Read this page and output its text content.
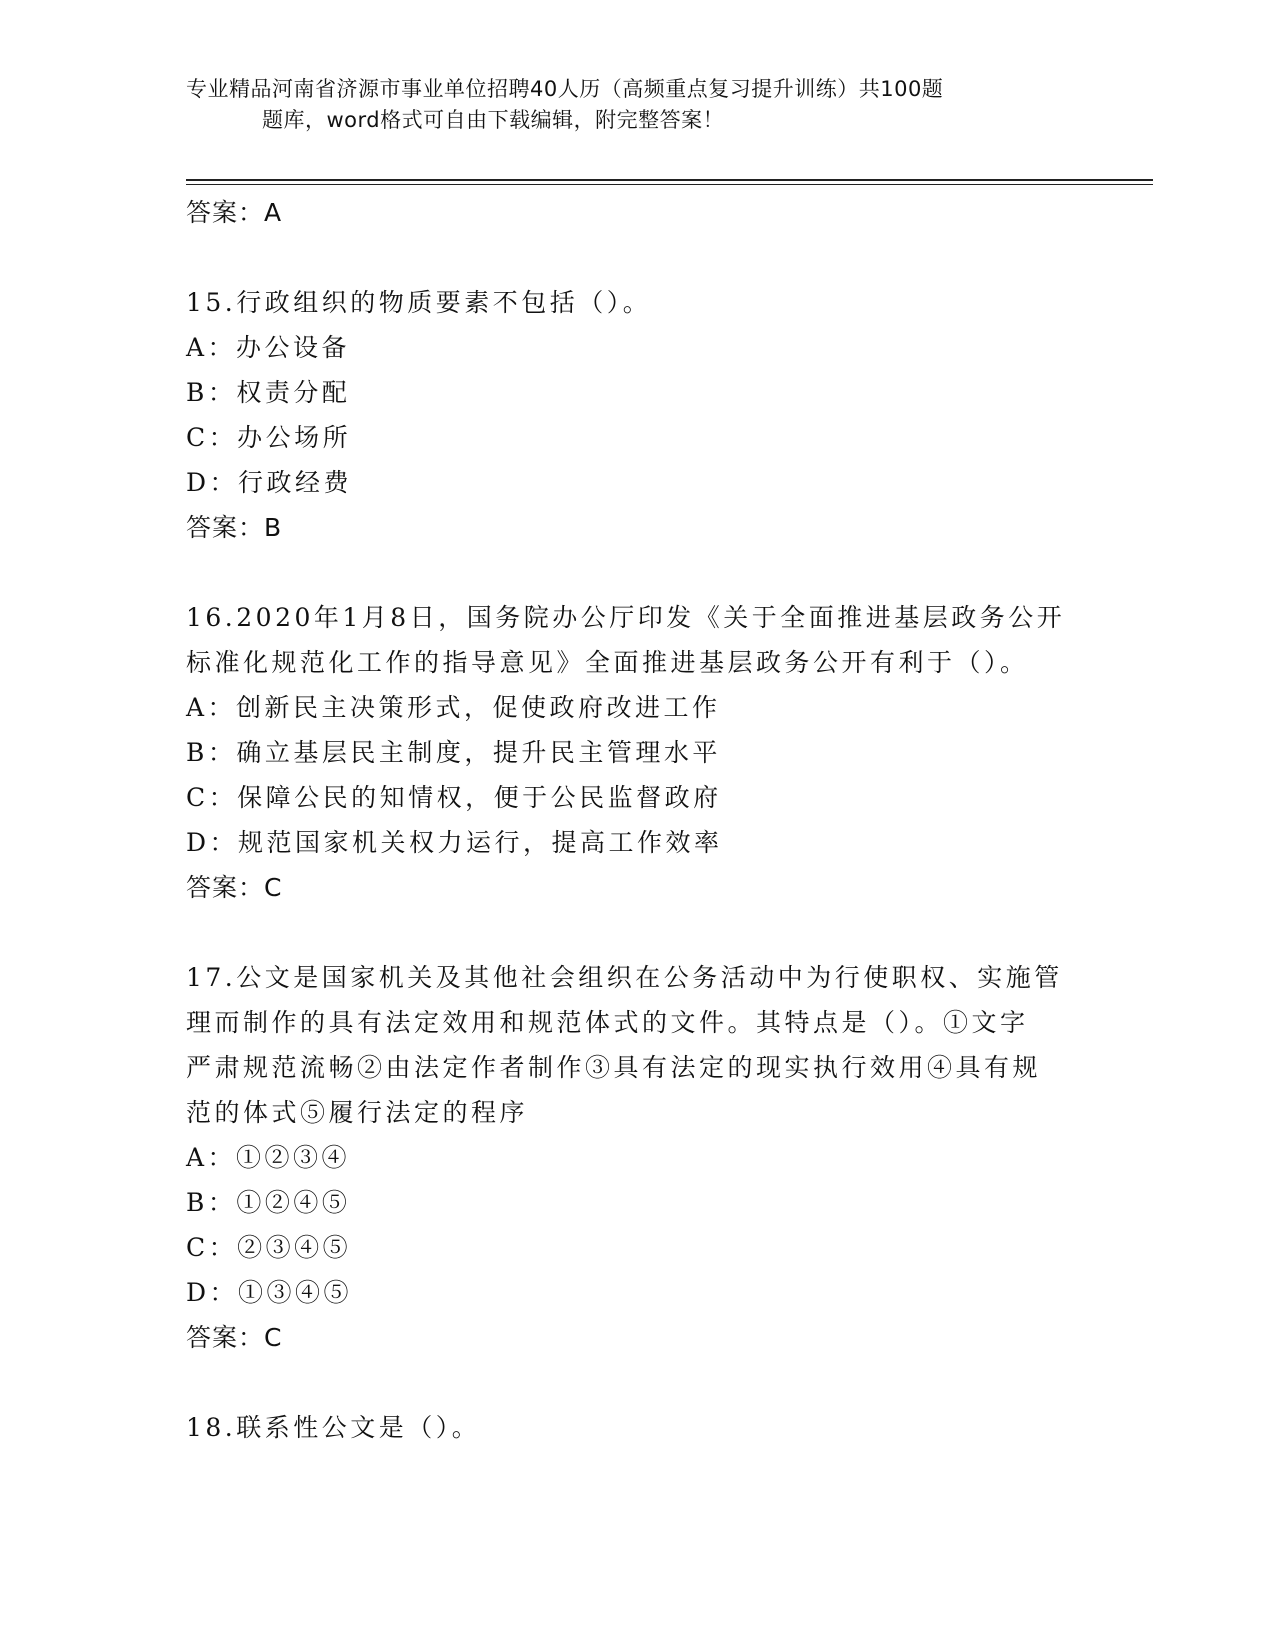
专业精品河南省济源市事业单位招聘40人历（高频重点复习提升训练）共100题
题库，word格式可自由下载编辑，附完整答案！
答案：A
15.行政组织的物质要素不包括（）。
A：办公设备
B：权责分配
C：办公场所
D：行政经费
答案：B
16.2020年1月8日，国务院办公厅印发《关于全面推进基层政务公开
标准化规范化工作的指导意见》全面推进基层政务公开有利于（）。
A：创新民主决策形式，促使政府改进工作
B：确立基层民主制度，提升民主管理水平
C：保障公民的知情权，便于公民监督政府
D：规范国家机关权力运行，提高工作效率
答案：C
17.公文是国家机关及其他社会组织在公务活动中为行使职权、实施管
理而制作的具有法定效用和规范体式的文件。其特点是（）。①文字
严肃规范流畅②由法定作者制作③具有法定的现实执行效用④具有规
范的体式⑤履行法定的程序
A：①②③④
B：①②④⑤
C：②③④⑤
D：①③④⑤
答案：C
18.联系性公文是（）。
